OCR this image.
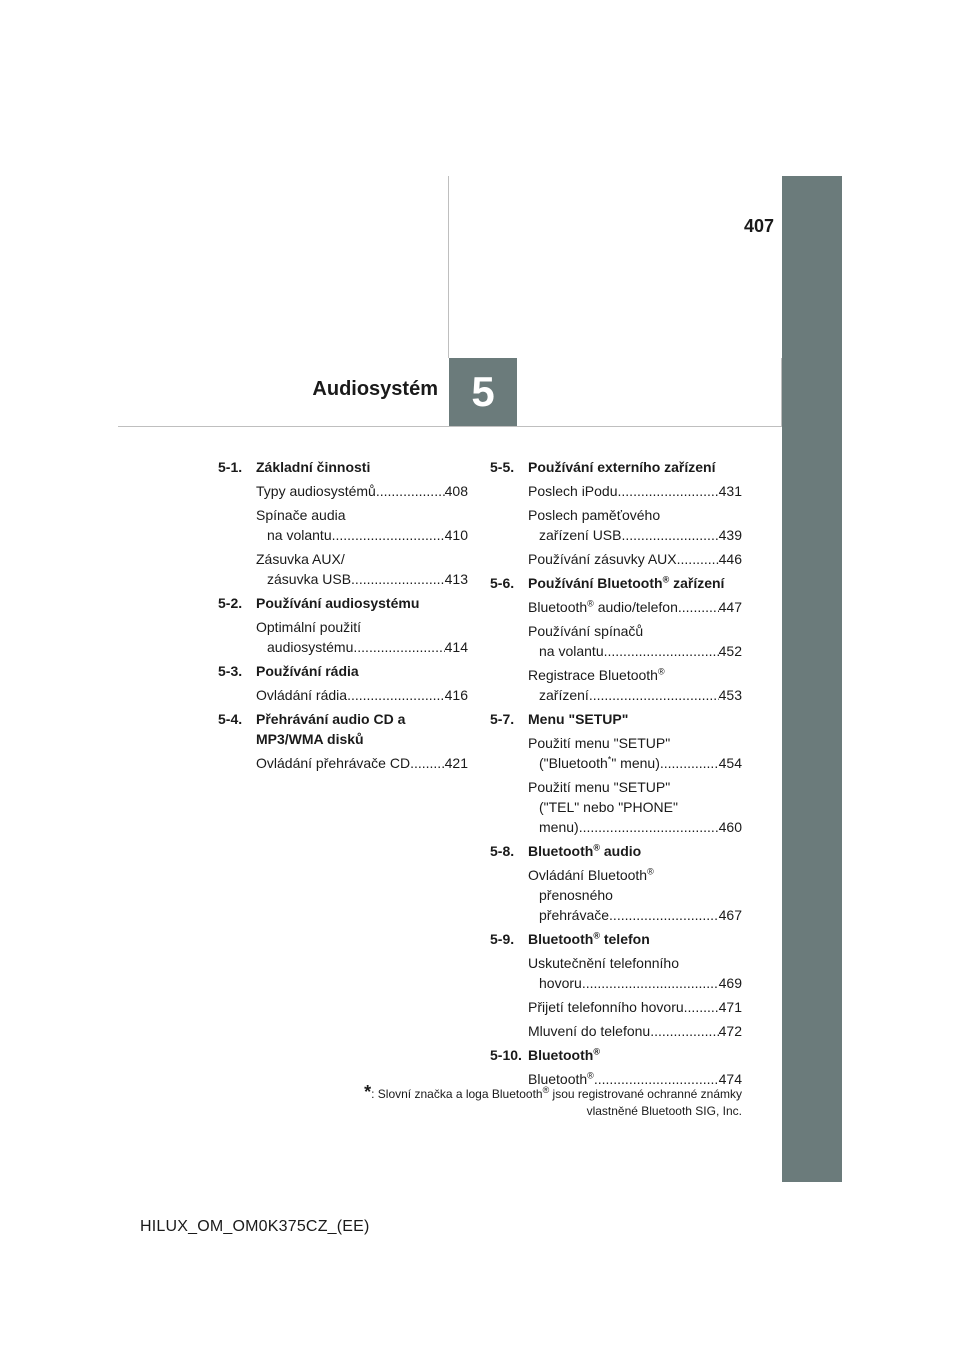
407
5
Audiosystém
5-1. Základní činnosti
Typy audiosystémů .....	408
Spínače audia
na volantu .....	410
Zásuvka AUX/
zásuvka USB .....	413
5-2. Používání audiosystému
Optimální použití
audiosystému .....	414
5-3. Používání rádia
Ovládání rádia .....	416
5-4. Přehrávání audio CD a MP3/WMA disků
Ovládání přehrávače CD ..... 421
5-5. Používání externího zařízení
Poslech iPodu .....	431
Poslech paměťového
zařízení USB .....	439
Používání zásuvky AUX .....	446
5-6. Používání Bluetooth® zařízení
Bluetooth® audio/telefon .....	447
Používání spínačů
na volantu .....	452
Registrace Bluetooth®
zařízení .....	453
5-7. Menu "SETUP"
Použití menu "SETUP"
("Bluetooth*" menu) .....	454
Použití menu "SETUP"
("TEL" nebo "PHONE"
menu) .....	460
5-8. Bluetooth® audio
Ovládání Bluetooth®
přenosného
přehrávače .....	467
5-9. Bluetooth® telefon
Uskutečnění telefonního
hovoru .....	469
Přijetí telefonního hovoru ..... 471
Mluvení do telefonu .....	472
5-10. Bluetooth®
Bluetooth® .....	474
*: Slovní značka a loga Bluetooth® jsou registrované ochranné známky
vlastněné Bluetooth SIG, Inc.
HILUX_OM_OM0K375CZ_(EE)
